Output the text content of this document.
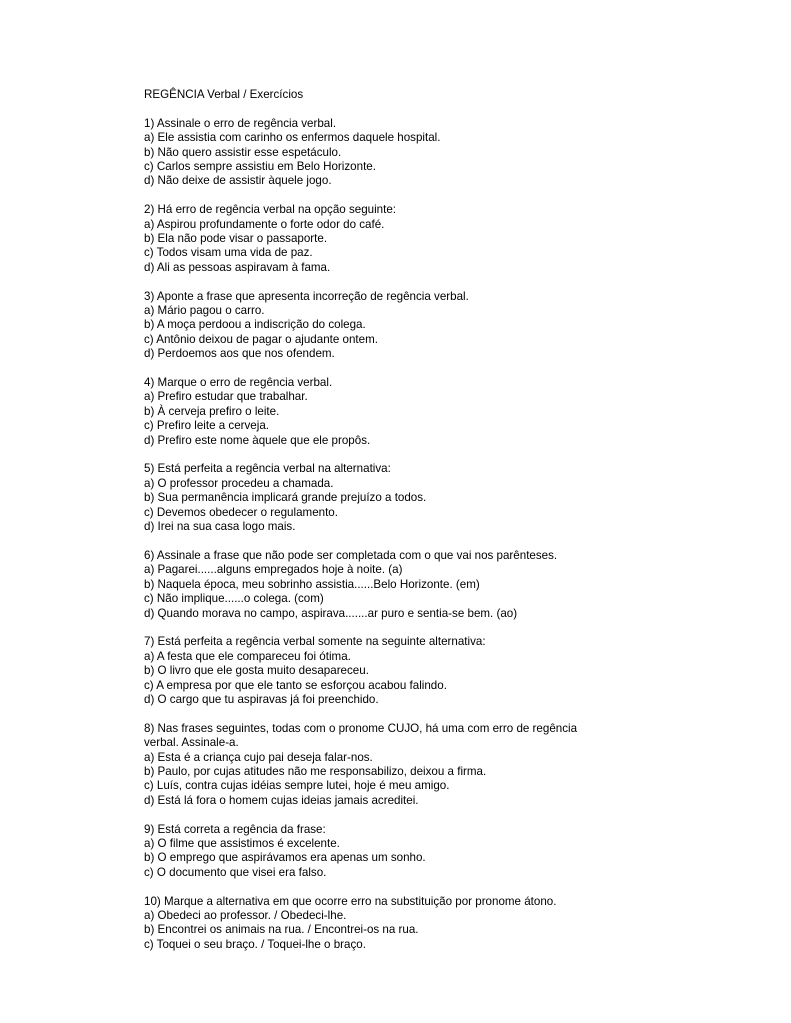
REGÊNCIA Verbal / Exercícios
1) Assinale o erro de regência verbal.
a) Ele assistia com carinho os enfermos daquele hospital.
b) Não quero assistir esse espetáculo.
c) Carlos sempre assistiu em Belo Horizonte.
d) Não deixe de assistir àquele jogo.
2) Há erro de regência verbal na opção seguinte:
a) Aspirou profundamente o forte odor do café.
b) Ela não pode visar o passaporte.
c) Todos visam uma vida de paz.
d) Ali as pessoas aspiravam à fama.
3) Aponte a frase que apresenta incorreção de regência verbal.
a) Mário pagou o carro.
b) A moça perdoou a indiscrição do colega.
c) Antônio deixou de pagar o ajudante ontem.
d) Perdoemos aos que nos ofendem.
4) Marque o erro de regência verbal.
a) Prefiro estudar que trabalhar.
b) À cerveja prefiro o leite.
c) Prefiro leite a cerveja.
d) Prefiro este nome àquele que ele propôs.
5) Está perfeita a regência verbal na alternativa:
a) O professor procedeu a chamada.
b) Sua permanência implicará grande prejuízo a todos.
c) Devemos obedecer o regulamento.
d) Irei na sua casa logo mais.
6) Assinale a frase que não pode ser completada com o que vai nos parênteses.
a) Pagarei......alguns empregados hoje à noite. (a)
b) Naquela época, meu sobrinho assistia......Belo Horizonte. (em)
c) Não implique......o colega. (com)
d) Quando morava no campo, aspirava.......ar puro e sentia-se bem. (ao)
7) Está perfeita a regência verbal somente na seguinte alternativa:
a) A festa que ele compareceu foi ótima.
b) O livro que ele gosta muito desapareceu.
c) A empresa por que ele tanto se esforçou acabou falindo.
d) O cargo que tu aspiravas já foi preenchido.
8) Nas frases seguintes, todas com o pronome CUJO, há uma com erro de regência
verbal. Assinale-a.
a) Esta é a criança cujo pai deseja falar-nos.
b) Paulo, por cujas atitudes não me responsabilizo, deixou a firma.
c) Luís, contra cujas idéias sempre lutei, hoje é meu amigo.
d) Está lá fora o homem cujas ideias jamais acreditei.
9) Está correta a regência da frase:
a) O filme que assistimos é excelente.
b) O emprego que aspirávamos era apenas um sonho.
c) O documento que visei era falso.
10) Marque a alternativa em que ocorre erro na substituição por pronome átono.
a) Obedeci ao professor. / Obedeci-lhe.
b) Encontrei os animais na rua. / Encontrei-os na rua.
c) Toquei o seu braço. / Toquei-lhe o braço.
